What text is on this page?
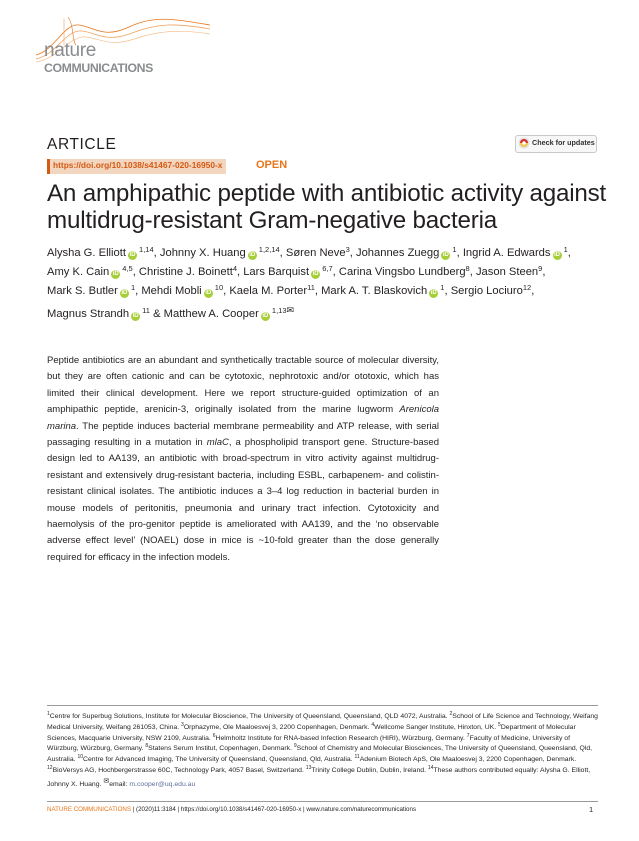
nature
COMMUNICATIONS
ARTICLE
https://doi.org/10.1038/s41467-020-16950-x	OPEN
Check for updates
An amphipathic peptide with antibiotic activity against multidrug-resistant Gram-negative bacteria
Alysha G. Elliott iD $^{1,14}$, Johnny X. Huang iD $^{1,2,14}$, Søren Neve$^3$, Johannes Zuegg iD $^1$, Ingrid A. Edwards iD $^1$, Amy K. Cain iD $^{4,5}$, Christine J. Boinett$^4$, Lars Barquist iD $^{6,7}$, Carina Vingsbo Lundberg$^8$, Jason Steen$^9$, Mark S. Butler iD $^1$, Mehdi Mobli iD $^{10}$, Kaela M. Porter$^{11}$, Mark A. T. Blaskovich iD $^1$, Sergio Lociuro$^{12}$, Magnus Strandh iD $^{11}$ & Matthew A. Cooper iD $^{1,13✉}$
Peptide antibiotics are an abundant and synthetically tractable source of molecular diversity, but they are often cationic and can be cytotoxic, nephrotoxic and/or ototoxic, which has limited their clinical development. Here we report structure-guided optimization of an amphipathic peptide, arenicin-3, originally isolated from the marine lugworm Arenicola marina. The peptide induces bacterial membrane permeability and ATP release, with serial passaging resulting in a mutation in mlaC, a phospholipid transport gene. Structure-based design led to AA139, an antibiotic with broad-spectrum in vitro activity against multidrug-resistant and extensively drug-resistant bacteria, including ESBL, carbapenem- and colistin-resistant clinical isolates. The antibiotic induces a 3–4 log reduction in bacterial burden in mouse models of peritonitis, pneumonia and urinary tract infection. Cytotoxicity and haemolysis of the pro-genitor peptide is ameliorated with AA139, and the ‘no observable adverse effect level’ (NOAEL) dose in mice is ~10-fold greater than the dose generally required for efficacy in the infection models.
$^1$Centre for Superbug Solutions, Institute for Molecular Bioscience, The University of Queensland, Queensland, QLD 4072, Australia. $^2$School of Life Science and Technology, Weifang Medical University, Weifang 261053, China. $^3$Orphazyme, Ole Maaloesvej 3, 2200 Copenhagen, Denmark. $^4$Wellcome Sanger Institute, Hinxton, UK. $^5$Department of Molecular Sciences, Macquarie University, NSW 2109, Australia. $^6$Helmholtz Institute for RNA-based Infection Research (HIRI), Würzburg, Germany. $^7$Faculty of Medicine, University of Würzburg, Würzburg, Germany. $^8$Statens Serum Institut, Copenhagen, Denmark. $^9$School of Chemistry and Molecular Biosciences, The University of Queensland, Queensland, Qld, Australia. $^{10}$Centre for Advanced Imaging, The University of Queensland, Queensland, Qld, Australia. $^{11}$Adenium Biotech ApS, Ole Maaloesvej 3, 2200 Copenhagen, Denmark. $^{12}$BioVersys AG, Hochbergerstrasse 60C, Technology Park, 4057 Basel, Switzerland. $^{13}$Trinity College Dublin, Dublin, Ireland. $^{14}$These authors contributed equally: Alysha G. Elliott, Johnny X. Huang. ✉email: m.cooper@uq.edu.au
NATURE COMMUNICATIONS | (2020)11:3184 | https://doi.org/10.1038/s41467-020-16950-x | www.nature.com/naturecommunications	1
